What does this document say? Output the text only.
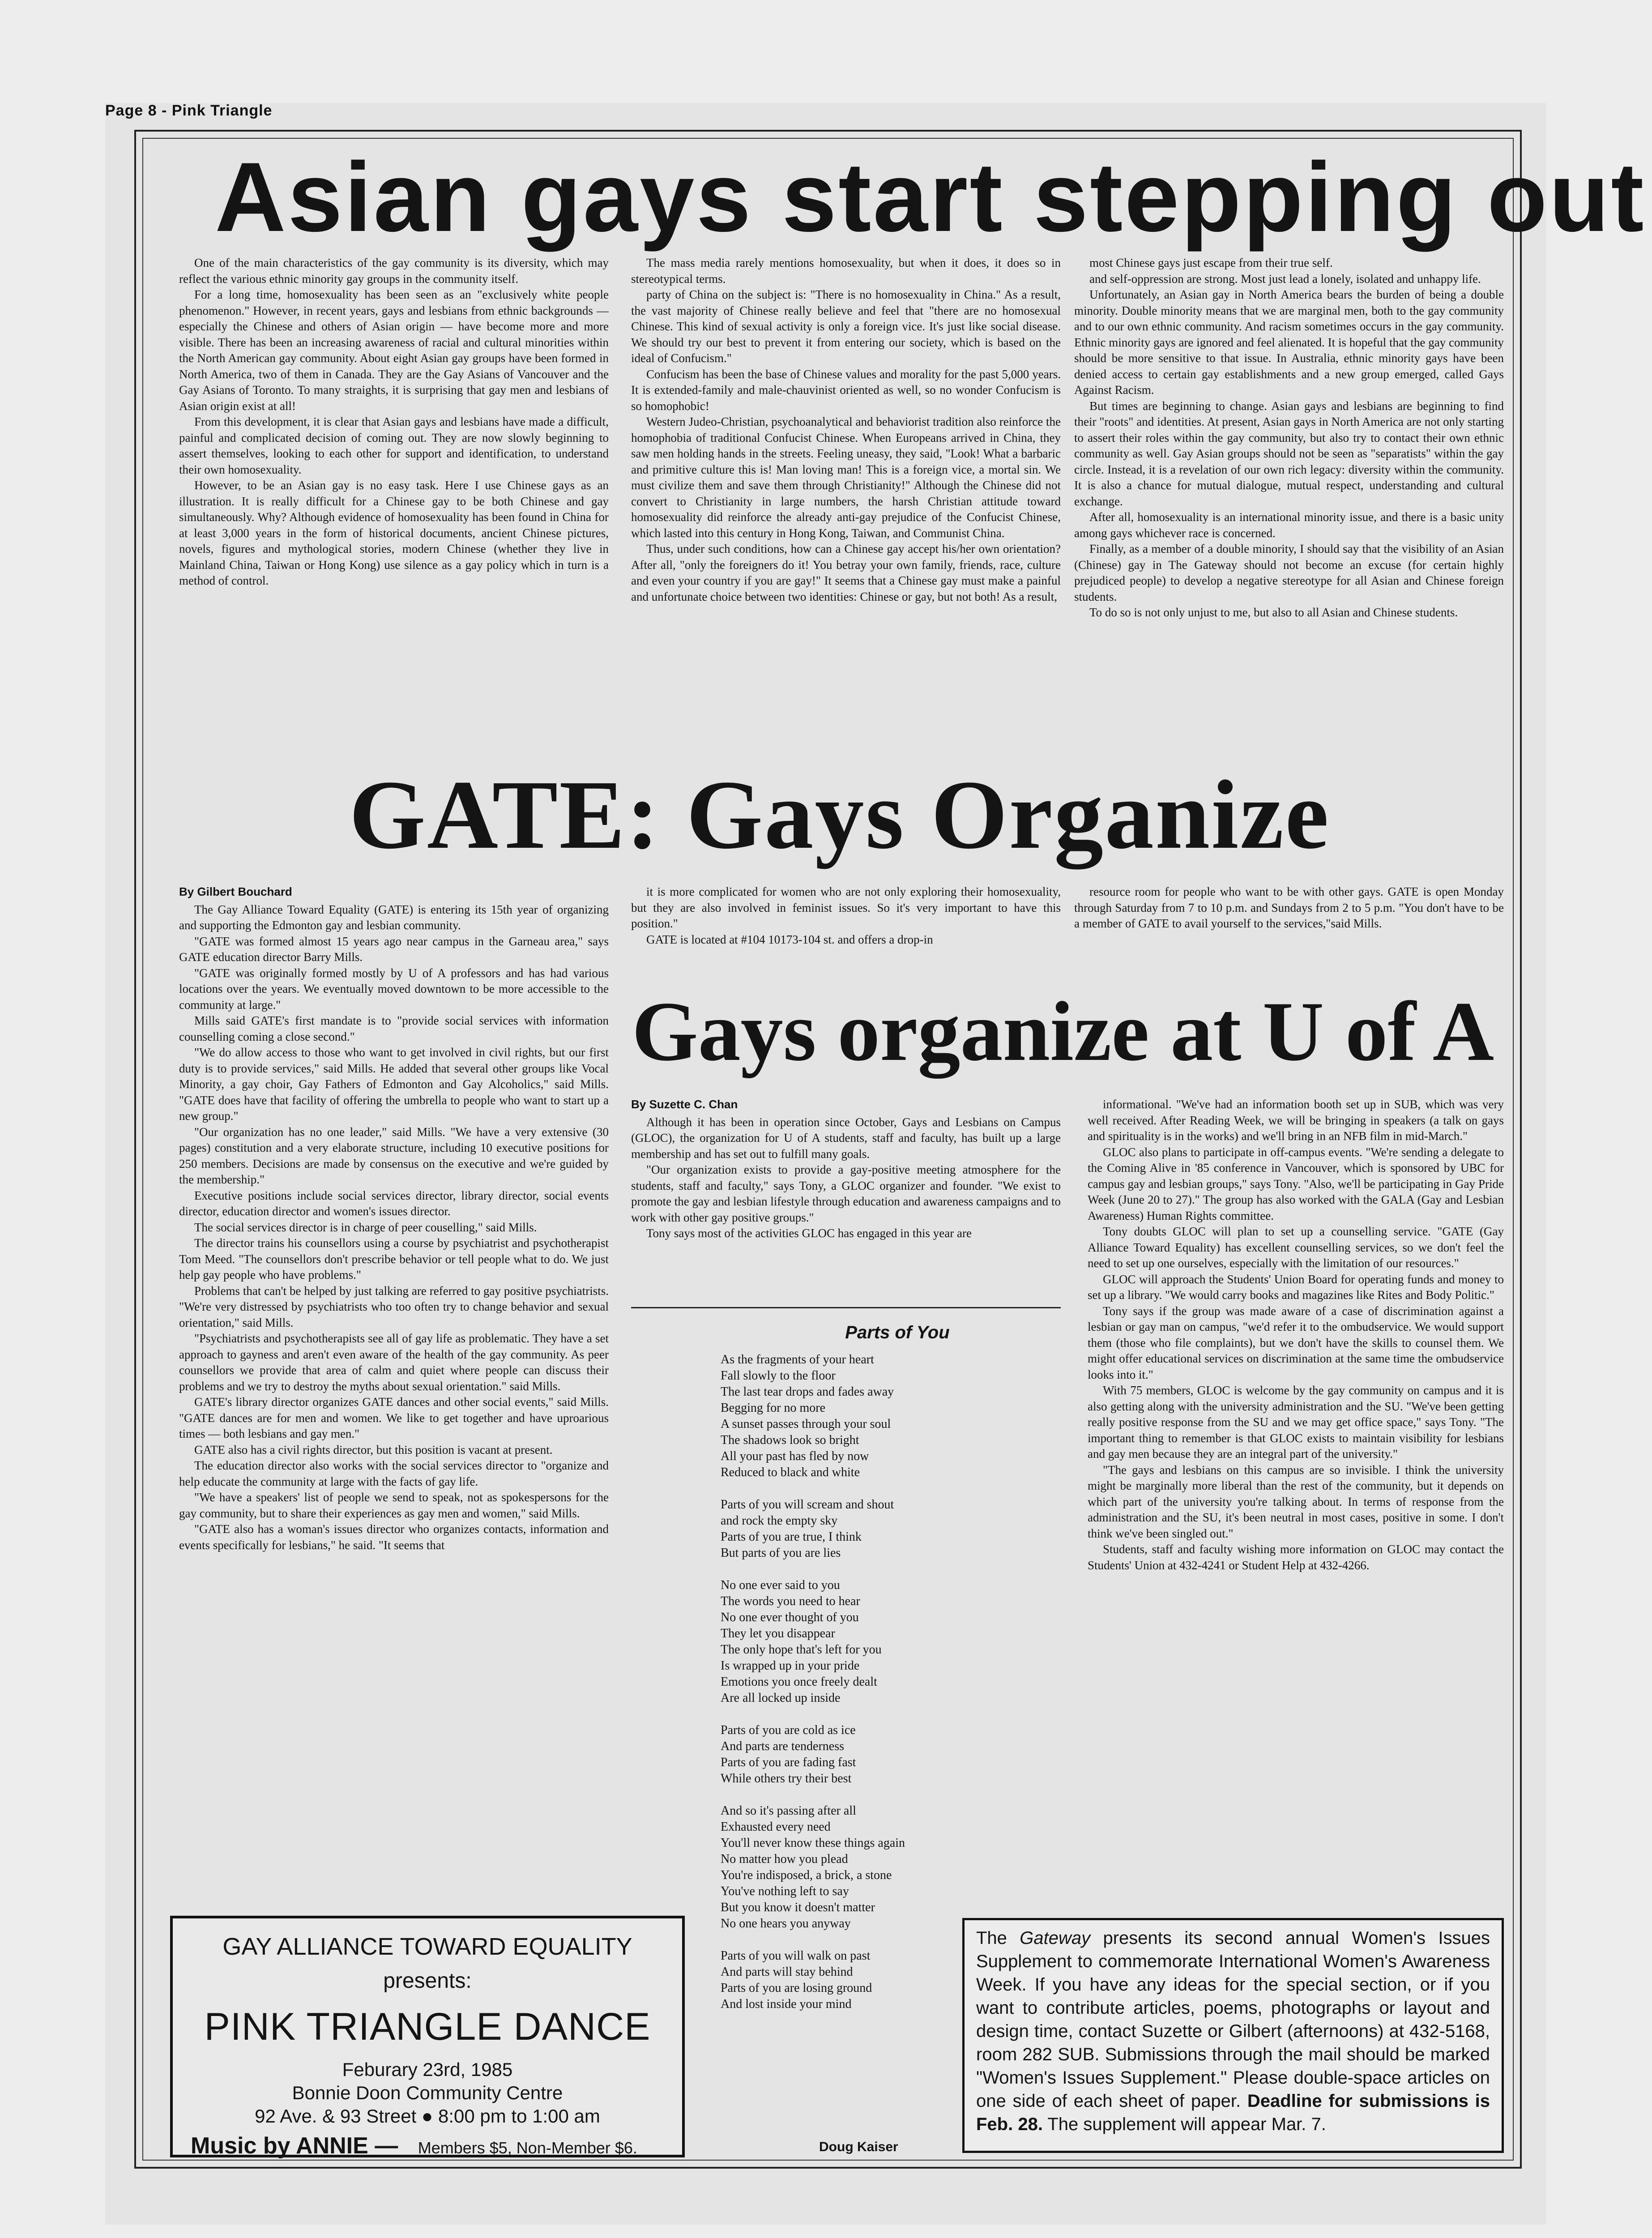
Page 8 - Pink Triangle
Asian gays start stepping out

One of the main characteristics of the gay community is its diversity, which may reflect the various ethnic minority gay groups in the community itself.

For a long time, homosexuality has been seen as an "exclusively white people phenomenon." However, in recent years, gays and lesbians from ethnic backgrounds — especially the Chinese and others of Asian origin — have become more and more visible. There has been an increasing awareness of racial and cultural minorities within the North American gay community. About eight Asian gay groups have been formed in North America, two of them in Canada. They are the Gay Asians of Vancouver and the Gay Asians of Toronto. To many straights, it is surprising that gay men and lesbians of Asian origin exist at all!

From this development, it is clear that Asian gays and lesbians have made a difficult, painful and complicated decision of coming out. They are now slowly beginning to assert themselves, looking to each other for support and identification, to understand their own homosexuality.

However, to be an Asian gay is no easy task. Here I use Chinese gays as an illustration. It is really difficult for a Chinese gay to be both Chinese and gay simultaneously. Why? Although evidence of homosexuality has been found in China for at least 3,000 years in the form of historical documents, ancient Chinese pictures, novels, figures and mythological stories, modern Chinese (whether they live in Mainland China, Taiwan or Hong Kong) use silence as a gay policy which in turn is a method of control.

The mass media rarely mentions homosexuality, but when it does, it does so in stereotypical terms.

party of China on the subject is: "There is no homosexuality in China." As a result, the vast majority of Chinese really believe and feel that "there are no homosexual Chinese. This kind of sexual activity is only a foreign vice. It's just like social disease. We should try our best to prevent it from entering our society, which is based on the ideal of Confucism."

Confucism has been the base of Chinese values and morality for the past 5,000 years. It is extended-family and male-chauvinist oriented as well, so no wonder Confucism is so homophobic!

Western Judeo-Christian, psychoanalytical and behaviorist tradition also reinforce the homophobia of traditional Confucist Chinese. When Europeans arrived in China, they saw men holding hands in the streets. Feeling uneasy, they said, "Look! What a barbaric and primitive culture this is! Man loving man! This is a foreign vice, a mortal sin. We must civilize them and save them through Christianity!" Although the Chinese did not convert to Christianity in large numbers, the harsh Christian attitude toward homosexuality did reinforce the already anti-gay prejudice of the Confucist Chinese, which lasted into this century in Hong Kong, Taiwan, and Communist China.

Thus, under such conditions, how can a Chinese gay accept his/her own orientation? After all, "only the foreigners do it! You betray your own family, friends, race, culture and even your country if you are gay!" It seems that a Chinese gay must make a painful and unfortunate choice between two identities: Chinese or gay, but not both! As a result,

most Chinese gays just escape from their true self.

and self-oppression are strong. Most just lead a lonely, isolated and unhappy life.

Unfortunately, an Asian gay in North America bears the burden of being a double minority. Double minority means that we are marginal men, both to the gay community and to our own ethnic community. And racism sometimes occurs in the gay community. Ethnic minority gays are ignored and feel alienated. It is hopeful that the gay community should be more sensitive to that issue. In Australia, ethnic minority gays have been denied access to certain gay establishments and a new group emerged, called Gays Against Racism.

But times are beginning to change. Asian gays and lesbians are beginning to find their "roots" and identities. At present, Asian gays in North America are not only starting to assert their roles within the gay community, but also try to contact their own ethnic community as well. Gay Asian groups should not be seen as "separatists" within the gay circle. Instead, it is a revelation of our own rich legacy: diversity within the community. It is also a chance for mutual dialogue, mutual respect, understanding and cultural exchange.

After all, homosexuality is an international minority issue, and there is a basic unity among gays whichever race is concerned.

Finally, as a member of a double minority, I should say that the visibility of an Asian (Chinese) gay in The Gateway should not become an excuse (for certain highly prejudiced people) to develop a negative stereotype for all Asian and Chinese foreign students.

To do so is not only unjust to me, but also to all Asian and Chinese students.

GATE: Gays Organize
By Gilbert Bouchard

The Gay Alliance Toward Equality (GATE) is entering its 15th year of organizing and supporting the Edmonton gay and lesbian community.

"GATE was formed almost 15 years ago near campus in the Garneau area," says GATE education director Barry Mills.

"GATE was originally formed mostly by U of A professors and has had various locations over the years. We eventually moved downtown to be more accessible to the community at large."

Mills said GATE's first mandate is to "provide social services with information counselling coming a close second."

"We do allow access to those who want to get involved in civil rights, but our first duty is to provide services," said Mills. He added that several other groups like Vocal Minority, a gay choir, Gay Fathers of Edmonton and Gay Alcoholics," said Mills. "GATE does have that facility of offering the umbrella to people who want to start up a new group."

"Our organization has no one leader," said Mills. "We have a very extensive (30 pages) constitution and a very elaborate structure, including 10 executive positions for 250 members. Decisions are made by consensus on the executive and we're guided by the membership."

Executive positions include social services director, library director, social events director, education director and women's issues director.

The social services director is in charge of peer couselling," said Mills.

The director trains his counsellors using a course by psychiatrist and psychotherapist Tom Meed. "The counsellors don't prescribe behavior or tell people what to do. We just help gay people who have problems."

Problems that can't be helped by just talking are referred to gay positive psychiatrists. "We're very distressed by psychiatrists who too often try to change behavior and sexual orientation," said Mills.

"Psychiatrists and psychotherapists see all of gay life as problematic. They have a set approach to gayness and aren't even aware of the health of the gay community. As peer counsellors we provide that area of calm and quiet where people can discuss their problems and we try to destroy the myths about sexual orientation." said Mills.

GATE's library director organizes GATE dances and other social events," said Mills. "GATE dances are for men and women. We like to get together and have uproarious times — both lesbians and gay men."

GATE also has a civil rights director, but this position is vacant at present.

The education director also works with the social services director to "organize and help educate the community at large with the facts of gay life.

"We have a speakers' list of people we send to speak, not as spokespersons for the gay community, but to share their experiences as gay men and women," said Mills.

"GATE also has a woman's issues director who organizes contacts, information and events specifically for lesbians," he said. "It seems that

it is more complicated for women who are not only exploring their homosexuality, but they are also involved in feminist issues. So it's very important to have this position."

GATE is located at #104 10173-104 st. and offers a drop-in

resource room for people who want to be with other gays. GATE is open Monday through Saturday from 7 to 10 p.m. and Sundays from 2 to 5 p.m. "You don't have to be a member of GATE to avail yourself to the services,"said Mills.

Gays organize at U of A
By Suzette C. Chan

Although it has been in operation since October, Gays and Lesbians on Campus (GLOC), the organization for U of A students, staff and faculty, has built up a large membership and has set out to fulfill many goals.

"Our organization exists to provide a gay-positive meeting atmosphere for the students, staff and faculty," says Tony, a GLOC organizer and founder. "We exist to promote the gay and lesbian lifestyle through education and awareness campaigns and to work with other gay positive groups."

Tony says most of the activities GLOC has engaged in this year are

informational. "We've had an information booth set up in SUB, which was very well received. After Reading Week, we will be bringing in speakers (a talk on gays and spirituality is in the works) and we'll bring in an NFB film in mid-March."

GLOC also plans to participate in off-campus events. "We're sending a delegate to the Coming Alive in '85 conference in Vancouver, which is sponsored by UBC for campus gay and lesbian groups," says Tony. "Also, we'll be participating in Gay Pride Week (June 20 to 27)." The group has also worked with the GALA (Gay and Lesbian Awareness) Human Rights committee.

Tony doubts GLOC will plan to set up a counselling service. "GATE (Gay Alliance Toward Equality) has excellent counselling services, so we don't feel the need to set up one ourselves, especially with the limitation of our resources."

GLOC will approach the Students' Union Board for operating funds and money to set up a library. "We would carry books and magazines like Rites and Body Politic."

Tony says if the group was made aware of a case of discrimination against a lesbian or gay man on campus, "we'd refer it to the ombudservice. We would support them (those who file complaints), but we don't have the skills to counsel them. We might offer educational services on discrimination at the same time the ombudservice looks into it."

With 75 members, GLOC is welcome by the gay community on campus and it is also getting along with the university administration and the SU. "We've been getting really positive response from the SU and we may get office space," says Tony. "The important thing to remember is that GLOC exists to maintain visibility for lesbians and gay men because they are an integral part of the university."

"The gays and lesbians on this campus are so invisible. I think the university might be marginally more liberal than the rest of the community, but it depends on which part of the university you're talking about. In terms of response from the administration and the SU, it's been neutral in most cases, positive in some. I don't think we've been singled out."

Students, staff and faculty wishing more information on GLOC may contact the Students' Union at 432-4241 or Student Help at 432-4266.

Parts of You

As the fragments of your heart
Fall slowly to the floor
The last tear drops and fades away
Begging for no more
A sunset passes through your soul
The shadows look so bright
All your past has fled by now
Reduced to black and white

Parts of you will scream and shout
and rock the empty sky
Parts of you are true, I think
But parts of you are lies

No one ever said to you
The words you need to hear
No one ever thought of you
They let you disappear
The only hope that's left for you
Is wrapped up in your pride
Emotions you once freely dealt
Are all locked up inside

Parts of you are cold as ice
And parts are tenderness
Parts of you are fading fast
While others try their best

And so it's passing after all
Exhausted every need
You'll never know these things again
No matter how you plead
You're indisposed, a brick, a stone
You've nothing left to say
But you know it doesn't matter
No one hears you anyway

Parts of you will walk on past
And parts will stay behind
Parts of you are losing ground
And lost inside your mind

Doug Kaiser
GAY ALLIANCE TOWARD EQUALITY
presents:
PINK TRIANGLE DANCE
Feburary 23rd, 1985
Bonnie Doon Community Centre
92 Ave. & 93 Street ● 8:00 pm to 1:00 am
Music by ANNIE — Members $5, Non-Member $6.
The Gateway presents its second annual Women's Issues Supplement to commemorate International Women's Awareness Week. If you have any ideas for the special section, or if you want to contribute articles, poems, photographs or layout and design time, contact Suzette or Gilbert (afternoons) at 432-5168, room 282 SUB. Submissions through the mail should be marked "Women's Issues Supplement." Please double-space articles on one side of each sheet of paper. Deadline for submissions is Feb. 28. The supplement will appear Mar. 7.
